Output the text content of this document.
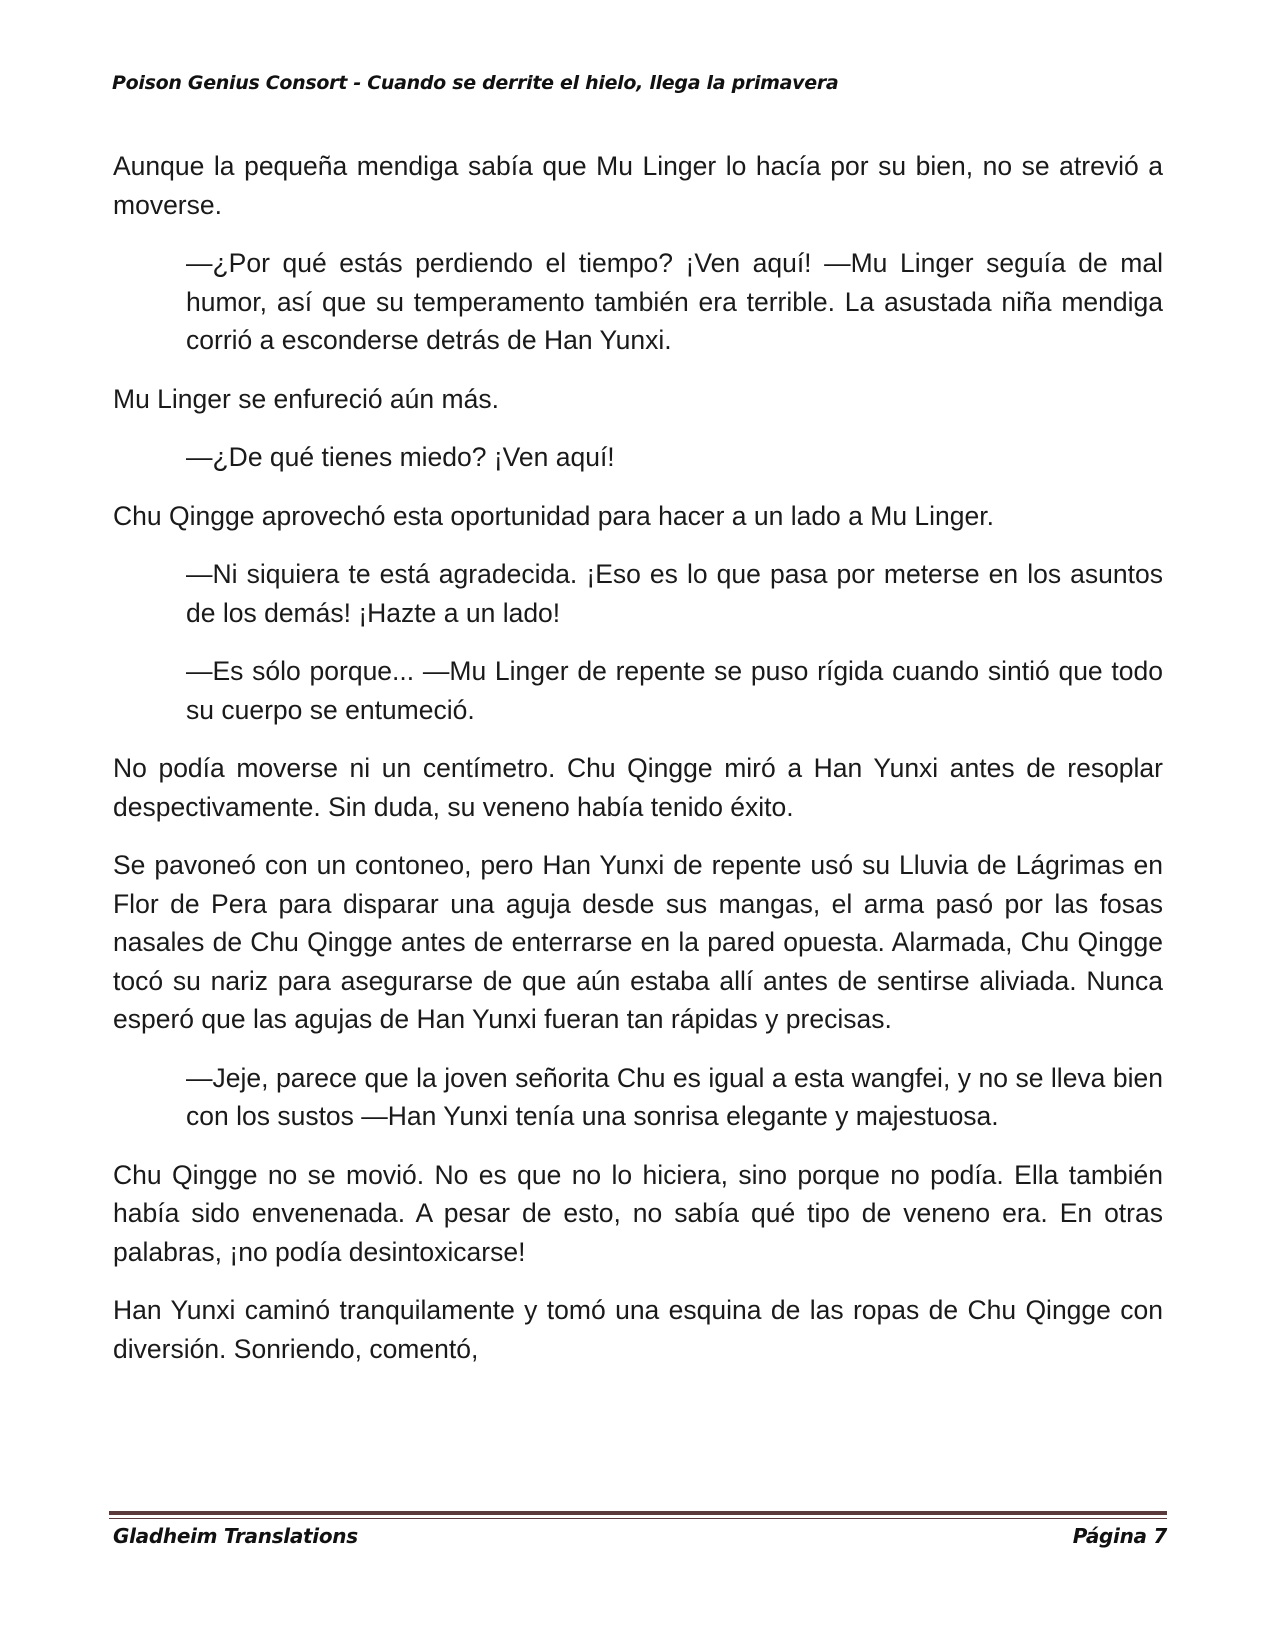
Poison Genius Consort - Cuando se derrite el hielo, llega la primavera

Aunque la pequeña mendiga sabía que Mu Linger lo hacía por su bien, no se atrevió a moverse.

—¿Por qué estás perdiendo el tiempo? ¡Ven aquí! —Mu Linger seguía de mal humor, así que su temperamento también era terrible. La asustada niña mendiga corrió a esconderse detrás de Han Yunxi.

Mu Linger se enfureció aún más.

—¿De qué tienes miedo? ¡Ven aquí!

Chu Qingge aprovechó esta oportunidad para hacer a un lado a Mu Linger.

—Ni siquiera te está agradecida. ¡Eso es lo que pasa por meterse en los asuntos de los demás! ¡Hazte a un lado!

—Es sólo porque... —Mu Linger de repente se puso rígida cuando sintió que todo su cuerpo se entumeció.

No podía moverse ni un centímetro. Chu Qingge miró a Han Yunxi antes de resoplar despectivamente. Sin duda, su veneno había tenido éxito.

Se pavoneó con un contoneo, pero Han Yunxi de repente usó su Lluvia de Lágrimas en Flor de Pera para disparar una aguja desde sus mangas, el arma pasó por las fosas nasales de Chu Qingge antes de enterrarse en la pared opuesta. Alarmada, Chu Qingge tocó su nariz para asegurarse de que aún estaba allí antes de sentirse aliviada. Nunca esperó que las agujas de Han Yunxi fueran tan rápidas y precisas.

—Jeje, parece que la joven señorita Chu es igual a esta wangfei, y no se lleva bien con los sustos —Han Yunxi tenía una sonrisa elegante y majestuosa.

Chu Qingge no se movió. No es que no lo hiciera, sino porque no podía. Ella también había sido envenenada. A pesar de esto, no sabía qué tipo de veneno era. En otras palabras, ¡no podía desintoxicarse!

Han Yunxi caminó tranquilamente y tomó una esquina de las ropas de Chu Qingge con diversión. Sonriendo, comentó,

Gladheim Translations	Página 7
